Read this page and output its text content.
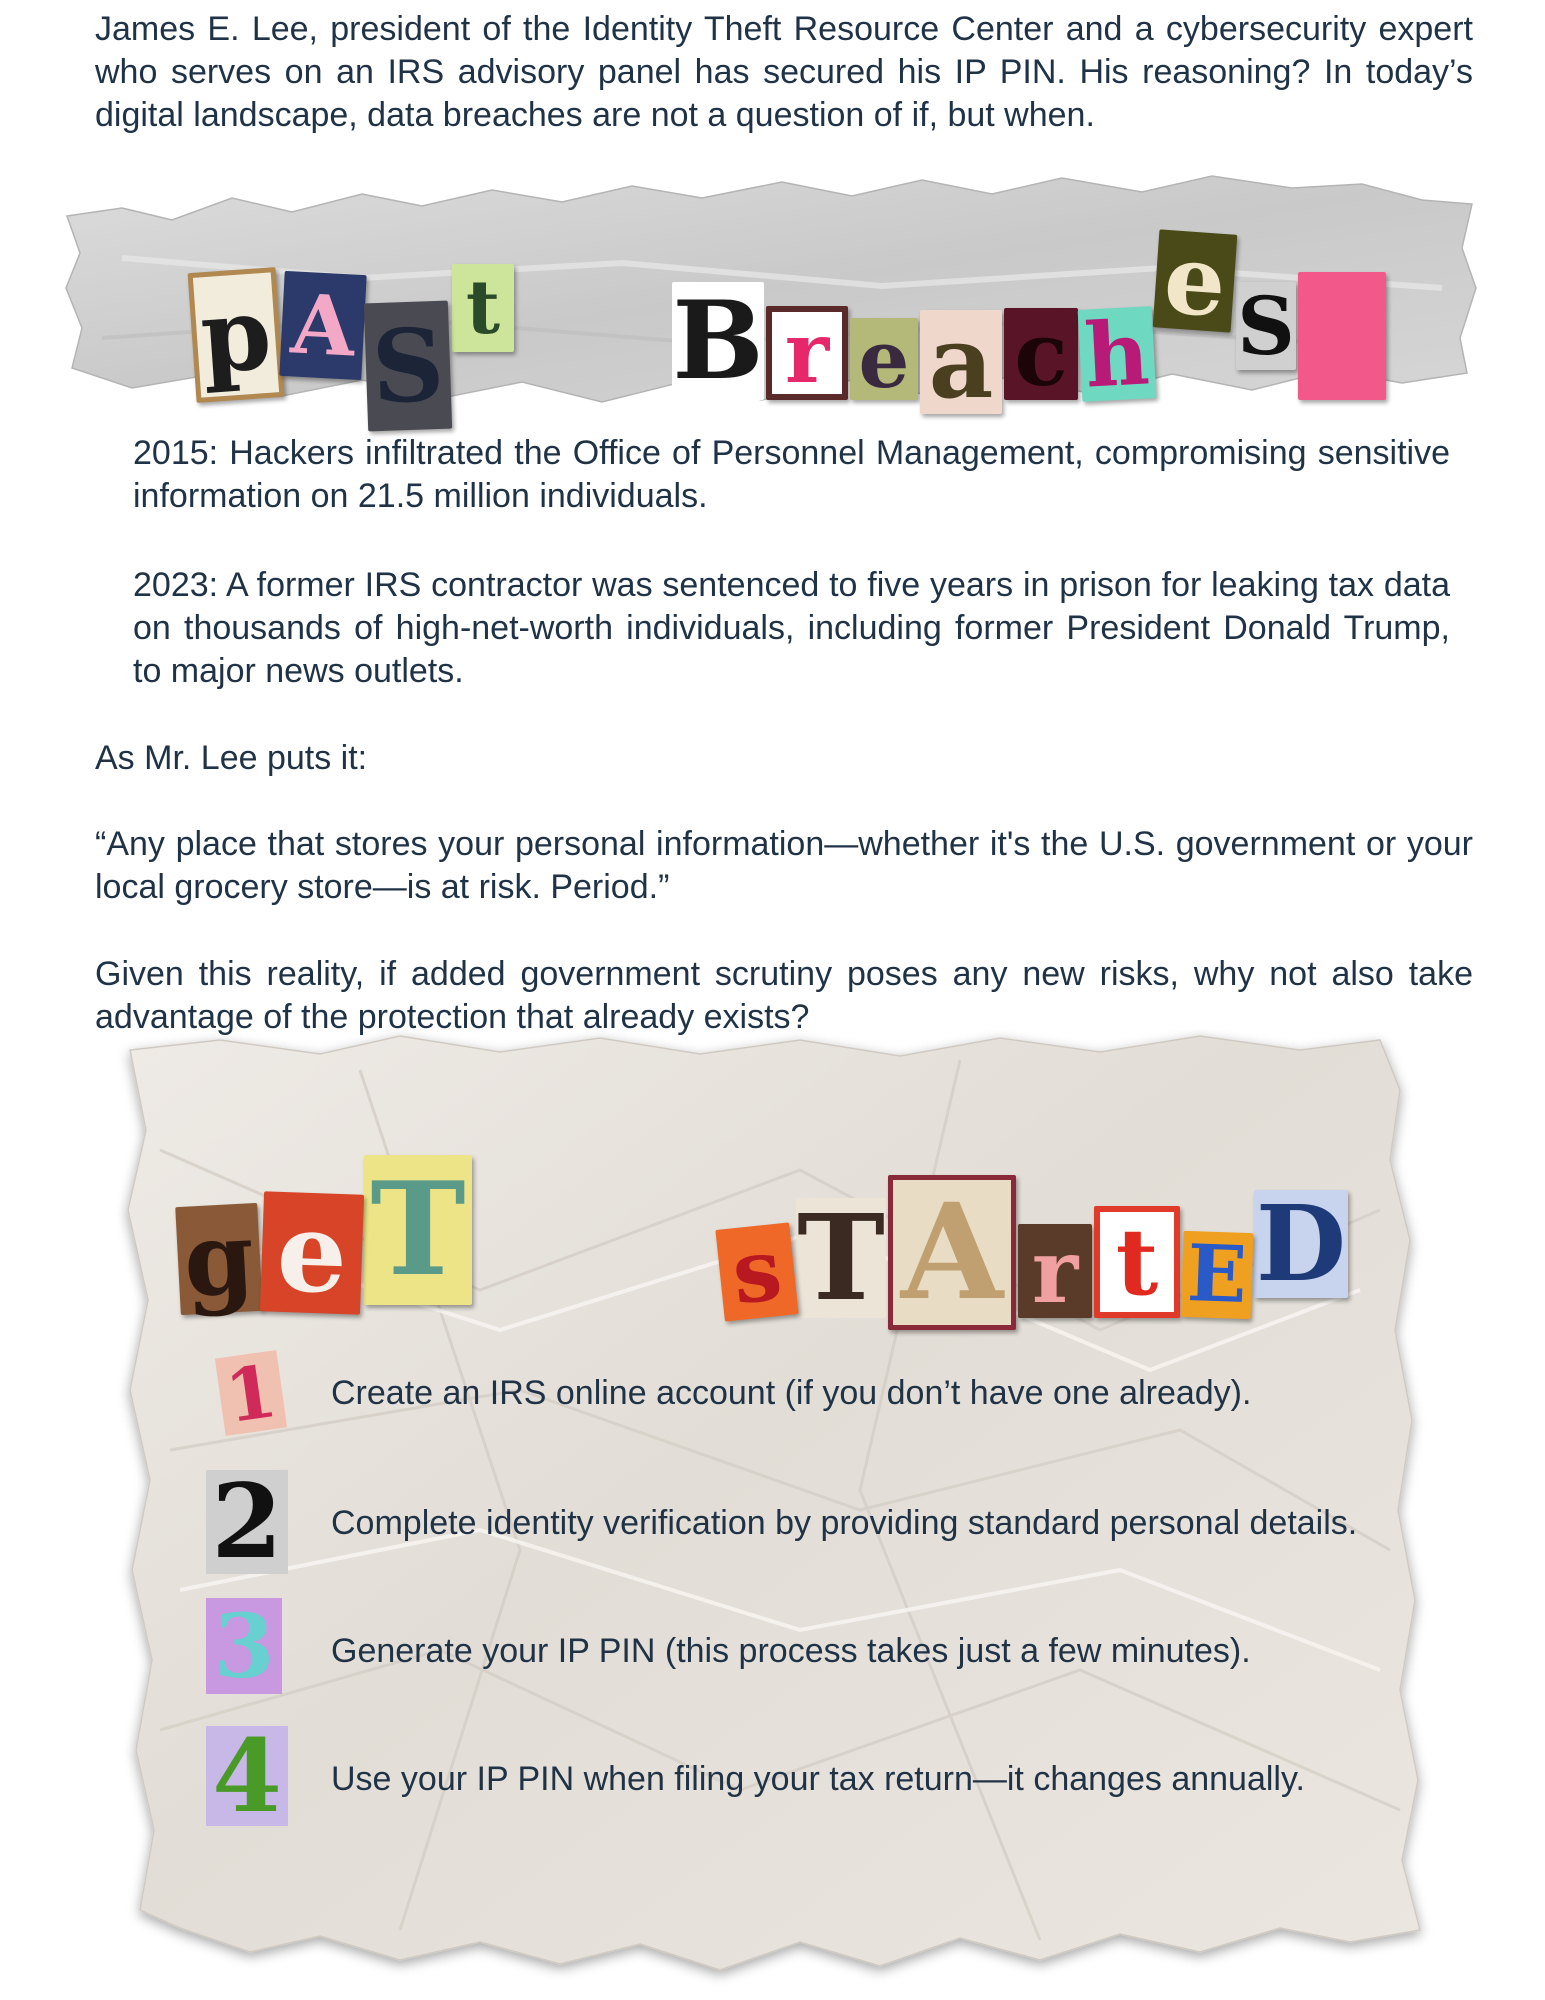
James E. Lee, president of the Identity Theft Resource Center and a cybersecurity expert who serves on an IRS advisory panel has secured his IP PIN. His reasoning? In today’s digital landscape, data breaches are not a question of if, but when.

p A S t B r e a c h
e S

2015: Hackers infiltrated the Office of Personnel Management, compromising sensitive information on 21.5 million individuals.

2023: A former IRS contractor was sentenced to five years in prison for leaking tax data on thousands of high-net-worth individuals, including former President Donald Trump, to major news outlets.

As Mr. Lee puts it:

“Any place that stores your personal information—whether it's the U.S. government or your local grocery store—is at risk. Period.”

Given this reality, if added government scrutiny poses any new risks, why not also take advantage of the protection that already exists?

g e T	s T A r t E D
1 Create an IRS online account (if you don’t have one already).
2 Complete identity verification by providing standard personal details.
3 Generate your IP PIN (this process takes just a few minutes).
4 Use your IP PIN when filing your tax return—it changes annually.
